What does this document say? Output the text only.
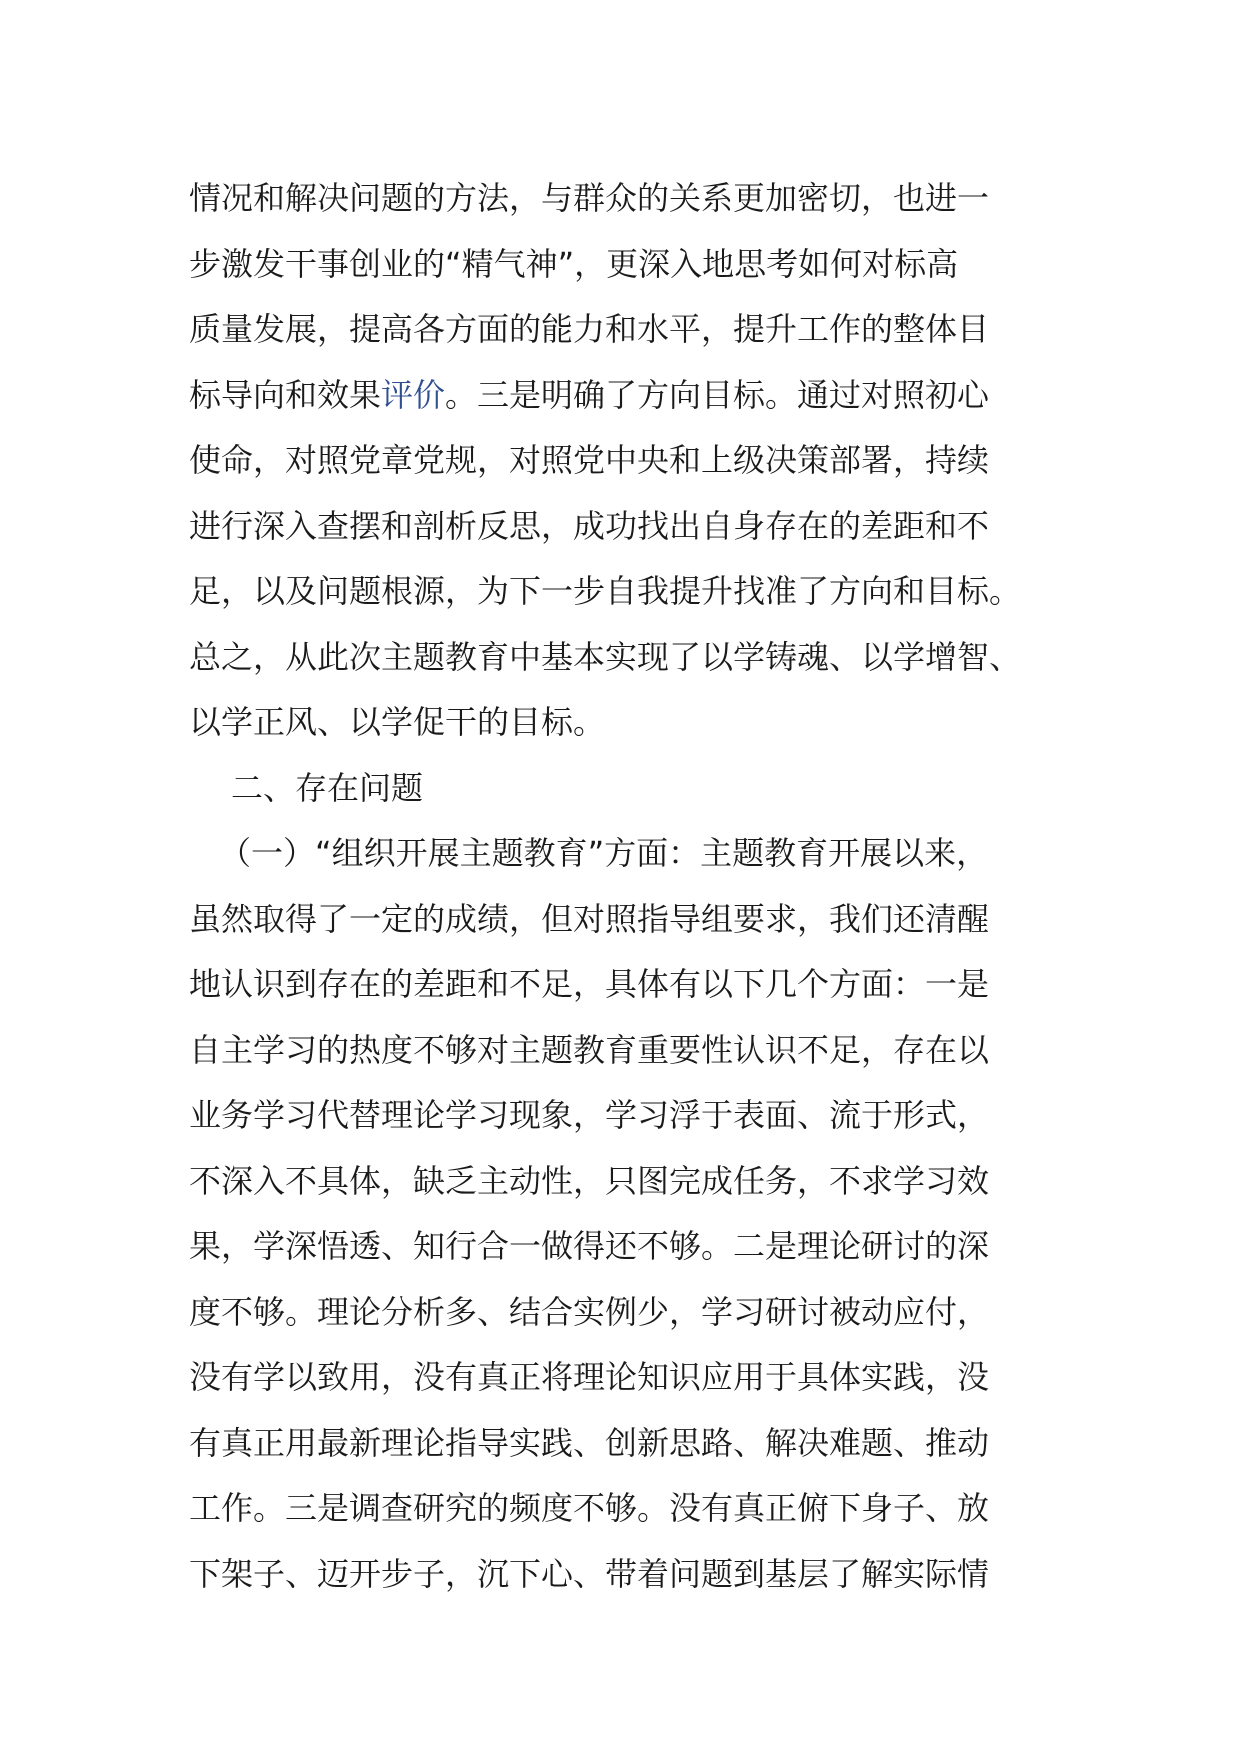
情况和解决问题的方法，与群众的关系更加密切，也进一
步激发干事创业的“精气神”，更深入地思考如何对标高
质量发展，提高各方面的能力和水平，提升工作的整体目
标导向和效果评价。三是明确了方向目标。通过对照初心
使命，对照党章党规，对照党中央和上级决策部署，持续
进行深入查摆和剖析反思，成功找出自身存在的差距和不
足，以及问题根源，为下一步自我提升找准了方向和目标。
总之，从此次主题教育中基本实现了以学铸魂、以学增智、
以学正风、以学促干的目标。
二、存在问题
（一）“组织开展主题教育”方面：主题教育开展以来，
虽然取得了一定的成绩，但对照指导组要求，我们还清醒
地认识到存在的差距和不足，具体有以下几个方面：一是
自主学习的热度不够对主题教育重要性认识不足，存在以
业务学习代替理论学习现象，学习浮于表面、流于形式，
不深入不具体，缺乏主动性，只图完成任务，不求学习效
果，学深悟透、知行合一做得还不够。二是理论研讨的深
度不够。理论分析多、结合实例少，学习研讨被动应付，
没有学以致用，没有真正将理论知识应用于具体实践，没
有真正用最新理论指导实践、创新思路、解决难题、推动
工作。三是调查研究的频度不够。没有真正俯下身子、放
下架子、迈开步子，沉下心、带着问题到基层了解实际情
